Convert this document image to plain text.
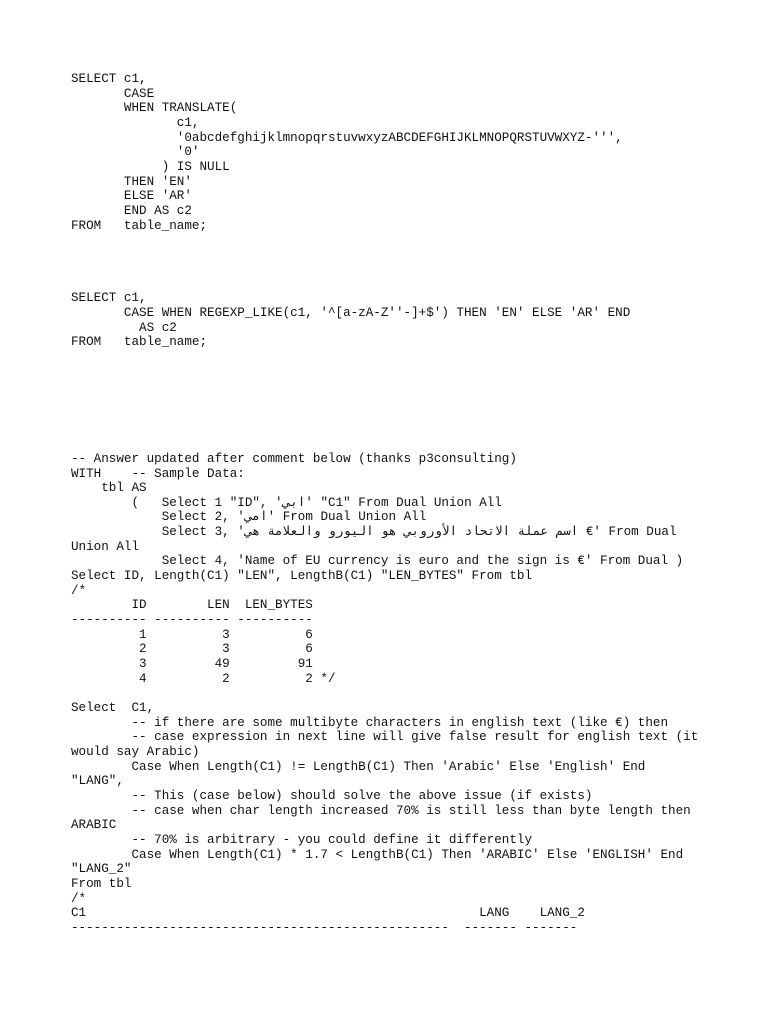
SELECT c1,
CASE
WHEN TRANSLATE(
c1,
'0abcdefghijklmnopqrstuvwxyzABCDEFGHIJKLMNOPQRSTUVWXYZ-''',
'0'
) IS NULL
THEN 'EN'
ELSE 'AR'
END AS c2
FROM   table_name;
SELECT c1,
CASE WHEN REGEXP_LIKE(c1, '^[a-zA-Z''-]+$') THEN 'EN' ELSE 'AR' END
AS c2
FROM   table_name;
-- Answer updated after comment below (thanks p3consulting)
WITH    -- Sample Data:
tbl AS
(   Select 1 "ID", 'ابي' "C1" From Dual Union All
Select 2, 'امي' From Dual Union All
Select 3, 'اسم عملة الاتحاد الأوروبي هو اليورو والعلامة هي €' From Dual
Union All
Select 4, 'Name of EU currency is euro and the sign is €' From Dual )
Select ID, Length(C1) "LEN", LengthB(C1) "LEN_BYTES" From tbl
/*
ID        LEN  LEN_BYTES
---------- ---------- ----------
1          3          6
2          3          6
3         49         91
4          2          2 */

Select  C1,
-- if there are some multibyte characters in english text (like €) then
-- case expression in next line will give false result for english text (it
would say Arabic)
Case When Length(C1) != LengthB(C1) Then 'Arabic' Else 'English' End
"LANG",
-- This (case below) should solve the above issue (if exists)
-- case when char length increased 70% is still less than byte length then
ARABIC
-- 70% is arbitrary - you could define it differently
Case When Length(C1) * 1.7 < LengthB(C1) Then 'ARABIC' Else 'ENGLISH' End
"LANG_2"
From tbl
/*
C1                                                    LANG    LANG_2
--------------------------------------------------  ------- -------
